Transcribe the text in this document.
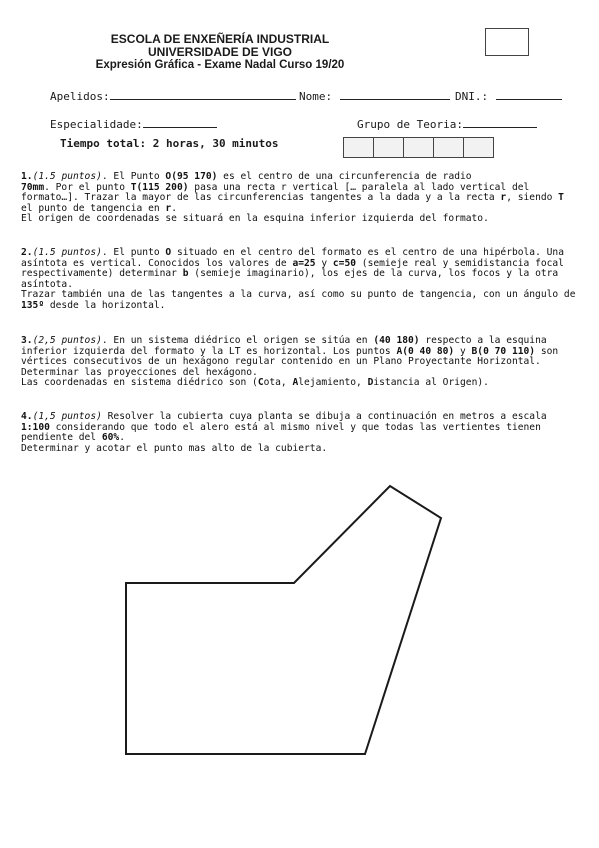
ESCOLA DE ENXEÑERÍA INDUSTRIAL
UNIVERSIDADE DE VIGO
Expresión Gráfica - Exame Nadal Curso 19/20
Apelidos:	Nome:	DNI.:
Especialidade:	Grupo de Teoria:
Tiempo total: 2 horas, 30 minutos
1.(1.5 puntos). El Punto O(95 170) es el centro de una circunferencia de radio
70mm. Por el punto T(115 200) pasa una recta r vertical [… paralela al lado vertical del formato…]. Trazar la mayor de las circunferencias tangentes a la dada y a la recta r, siendo T el punto de tangencia en r.
El origen de coordenadas se situará en la esquina inferior izquierda del formato.
2.(1.5 puntos). El punto O situado en el centro del formato es el centro de una hipérbola. Una asíntota es vertical. Conocidos los valores de a=25 y c=50 (semieje real y semidistancia focal respectivamente) determinar b (semieje imaginario), los ejes de la curva, los focos y la otra asíntota.
Trazar también una de las tangentes a la curva, así como su punto de tangencia, con un ángulo de 135º desde la horizontal.
3.(2,5 puntos). En un sistema diédrico el origen se sitúa en (40 180) respecto a la esquina inferior izquierda del formato y la LT es horizontal. Los puntos A(0 40 80) y B(0 70 110) son vértices consecutivos de un hexágono regular contenido en un Plano Proyectante Horizontal. Determinar las proyecciones del hexágono.
Las coordenadas en sistema diédrico son (Cota, Alejamiento, Distancia al Origen).
4.(1,5 puntos) Resolver la cubierta cuya planta se dibuja a continuación en metros a escala 1:100 considerando que todo el alero está al mismo nivel y que todas las vertientes tienen pendiente del 60%.
Determinar y acotar el punto mas alto de la cubierta.
